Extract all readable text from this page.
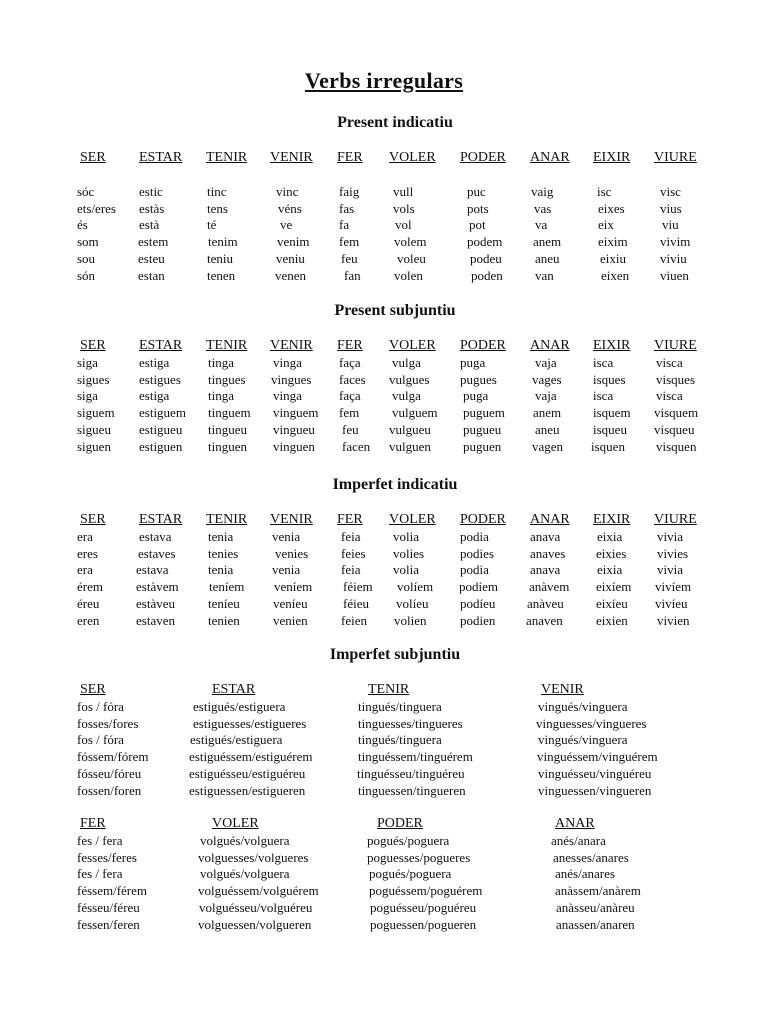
Verbs irregulars
Present indicatiu
SER ESTAR TENIR VENIR FER VOLER PODER ANAR EIXIR VIURE
sóc	estic	tinc	vinc	faig	vull	puc	vaig	isc	visc
ets/eres estàs	tens	véns	fas	vols	pots	vas	eixes	vius
és	està	té	ve	fa	vol	pot	va	eix	viu
som	estem	tenim	venim fem	volem	podem anem	eixim vivim
sou	esteu	teniu	veniu	feu	voleu	podeu	aneu	eixiu	viviu
són	estan	tenen	venen	fan	volen	poden van	eixen viuen
Present subjuntiu
SER ESTAR TENIR VENIR FER VOLER PODER ANAR EIXIR VIURE
siga	estiga	tinga	vinga	faça vulga	puga	vaja	isca	visca
sigues estigues tingues vingues faces vulgues pugues	vages isques visques
siga	estiga	tinga	vinga	faça vulga	puga	vaja	isca	visca
siguem estiguem tinguem vinguem fem	vulguem puguem anem isquem visquem
sigueu estigueu tingueu vingueu feu vulgueu pugueu	aneu	isqueu visqueu
siguen estiguen tinguen vinguen facen vulguen puguen vagen isquen visquen
Imperfet indicatiu
SER ESTAR TENIR VENIR FER VOLER PODER ANAR EIXIR VIURE
era	estava	tenia	venia	feia	volia	podia	anava	eixia	vivia
eres	estaves tenies	venies	feies volies	podies	anaves eixies vivies
era	estava	tenia	venia	feia	volia	podia	anava	eixia	vivia
érem	estàvem teníem veníem féiem volíem podíem anàvem eixíem vivíem
éreu	estàveu	teníeu	veníeu	féieu volíeu podíeu anàveu eixíeu vivíeu
eren	estaven	tenien	venien	feien volien	podien anaven	eixien vivien
Imperfet subjuntiu
SER	ESTAR	TENIR	VENIR
fos / fóra	estigués/estiguera	tingués/tinguera	vingués/vinguera
fosses/fores	estiguesses/estigueres	tinguesses/tingueres	vinguesses/vingueres
fos / fóra	estigués/estiguera	tingués/tinguera	vingués/vinguera
fóssem/fórem	estiguéssem/estiguérem	tinguéssem/tinguérem	vinguéssem/vinguérem
fósseu/fóreu	estiguésseu/estiguéreu	tinguésseu/tinguéreu	vinguésseu/vinguéreu
fossen/foren	estiguessen/estigueren	tinguessen/tingueren	vinguessen/vingueren
FER	VOLER	PODER	ANAR
fes / fera	volgués/volguera	pogués/poguera	anés/anara
fesses/feres	volguesses/volgueres	poguesses/pogueres	anesses/anares
fes / fera	volgués/volguera	pogués/poguera	anés/anares
féssem/férem	volguéssem/volguérem	poguéssem/poguérem	anàssem/anàrem
fésseu/féreu	volguésseu/volguéreu	poguésseu/poguéreu	anàsseu/anàreu
fessen/feren	volguessen/volgueren	poguessen/pogueren	anassen/anaren
